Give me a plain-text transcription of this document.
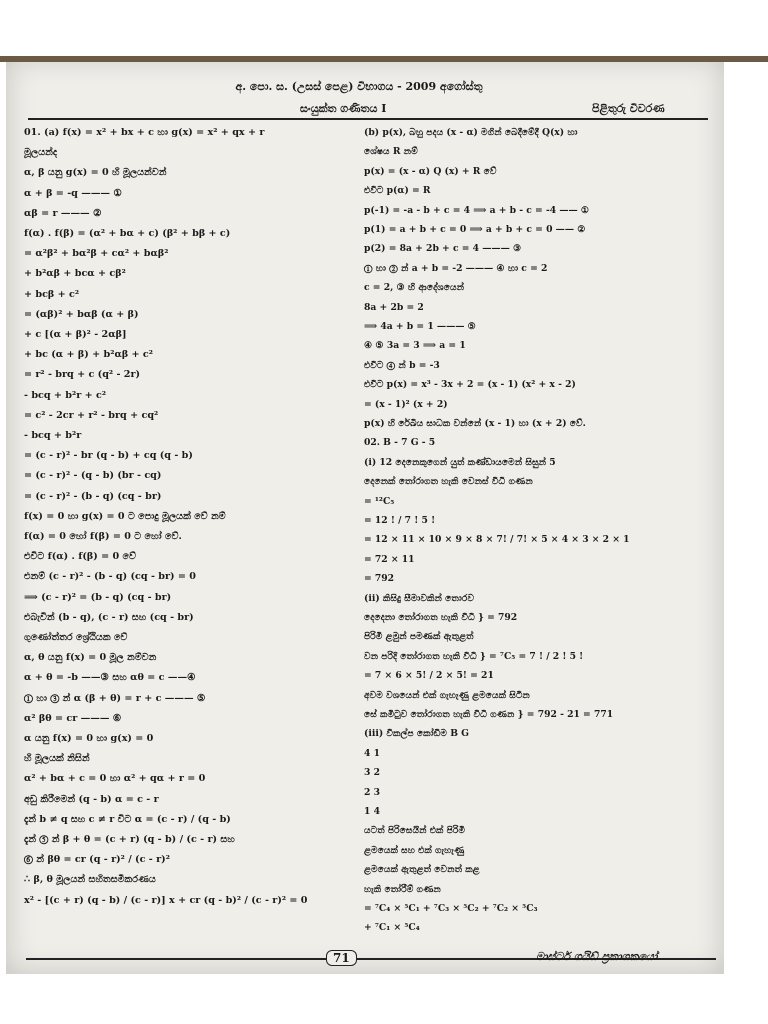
අ. පො. ස. (උසස් පෙළ) විභාගය - 2009 අගෝස්තු
සංයුක්ත ගණිතය I	පිළිතුරු විවරණ
01. (a) f(x) = x² + bx + c හා g(x) = x² + qx + r
මූලයන්ද
α, β යනු g(x) = 0 හි මූලයන්වන්
α + β = -q ——— ①
αβ = r ——— ②
f(α) . f(β) = (α² + bα + c) (β² + bβ + c)
= α²β² + bα²β + cα² + bαβ²
+ b²αβ + bcα + cβ²
+ bcβ + c²
= (αβ)² + bαβ (α + β)
+ c [(α + β)² - 2αβ]
+ bc (α + β) + b²αβ + c²
= r² - brq + c (q² - 2r)
- bcq + b²r + c²
= c² - 2cr + r² - brq + cq²
- bcq + b²r
= (c - r)² - br (q - b) + cq (q - b)
= (c - r)² - (q - b) (br - cq)
= (c - r)² - (b - q) (cq - br)
f(x) = 0 හා g(x) = 0 ට පොදු මූලයක් වේ නම්
f(α) = 0 හෝ f(β) = 0 ට හෝ වේ.
එවිට f(α) . f(β) = 0 වේ
එනම් (c - r)² - (b - q) (cq - br) = 0
⟹ (c - r)² = (b - q) (cq - br)
එබැවින් (b - q), (c - r) සහ (cq - br)
ගුණෝත්තර ශ්‍රේඨියක වේ
α, θ යනු f(x) = 0 මූල නම්වන
α + θ = -b ——③ සහ αθ = c ——④
① හා ③ න් α (β + θ) = r + c ——— ⑤
α² βθ = cr ——— ⑥
α යනු f(x) = 0 හා g(x) = 0
හි මූලයක් නිසින්
α² + bα + c = 0 හා α² + qα + r = 0
අඩු කිරීමෙන් (q - b) α = c - r
දැන් b ≠ q සහ c ≠ r විට α = (c - r) / (q - b)
දැන් ⑤ න් β + θ = (c + r) (q - b) / (c - r) සහ
⑥ න් βθ = cr (q - r)² / (c - r)²
∴ β, θ මූලයන් සහිතසමීකරණය
x² - [(c + r) (q - b) / (c - r)] x + cr (q - b)² / (c - r)² = 0
(b) p(x), බහු පදය (x - α) මගින් බෙදීමේදී Q(x) හා
ශේෂය R නම්
p(x) = (x - α) Q (x) + R වේ
එවිට p(α) = R
p(-1) = -a - b + c = 4 ⟹ a + b - c = -4 —— ①
p(1) = a + b + c = 0 ⟹ a + b + c = 0 —— ②
p(2) = 8a + 2b + c = 4 ——— ③
① හා ② න් a + b = -2 ——— ④ හා c = 2
c = 2, ③ හි ආදේශයෙන්
8a + 2b = 2
⟹ 4a + b = 1 ——— ⑤
④ ⑤ 3a = 3 ⟹ a = 1
එවිට ④ න් b = -3
එවිට p(x) = x³ - 3x + 2 = (x - 1) (x² + x - 2)
= (x - 1)² (x + 2)
p(x) හි රේඛීය සාධක වන්නේ (x - 1) හා (x + 2) වේ.
02. B - 7 G - 5
(i) 12 දෙනෙකුගෙන් යුත් කණ්ඩායමෙන් සිසුන් 5
දෙනෙක් තෝරාගත හැකි වෙනස් විධි ගණන
= ¹²C₅
= 12 ! / 7 ! 5 !
= 12 × 11 × 10 × 9 × 8 × 7! / 7! × 5 × 4 × 3 × 2 × 1
= 72 × 11
= 792
(ii) කිසිදු සීමාවකින් තොරව
දෙදෙනා තෝරාගත හැකි විධි } = 792
පිරිමි ළමුන් පමණක් ඇතුළත්
වන පරිදි තෝරාගත හැකි විධි } = ⁷C₅ = 7 ! / 2 ! 5 !
= 7 × 6 × 5! / 2 × 5! = 21
අවම වශයෙන් එක් ගැහැණු ළමයෙක් සිටින
සේ කමිටුව තෝරාගත හැකි විධි ගණන } = 792 - 21 = 771
(iii) විකල්ප කෝඩිම B G
4 1
3 2
2 3
1 4
යටත් පිරිසෙයින් එක් පිරිමි
ළමයෙක් සහ එක් ගැහැණු
ළමයෙක් ඇතුළත් වෙනත් කළ
හැකි තෝරීම් ගණන
= ⁷C₄ × ⁵C₁ + ⁷C₃ × ⁵C₂ + ⁷C₂ × ⁵C₃
+ ⁷C₁ × ⁵C₄
71	මාස්ටර් ගයිඩ් ප්‍රකාශකයෝ
